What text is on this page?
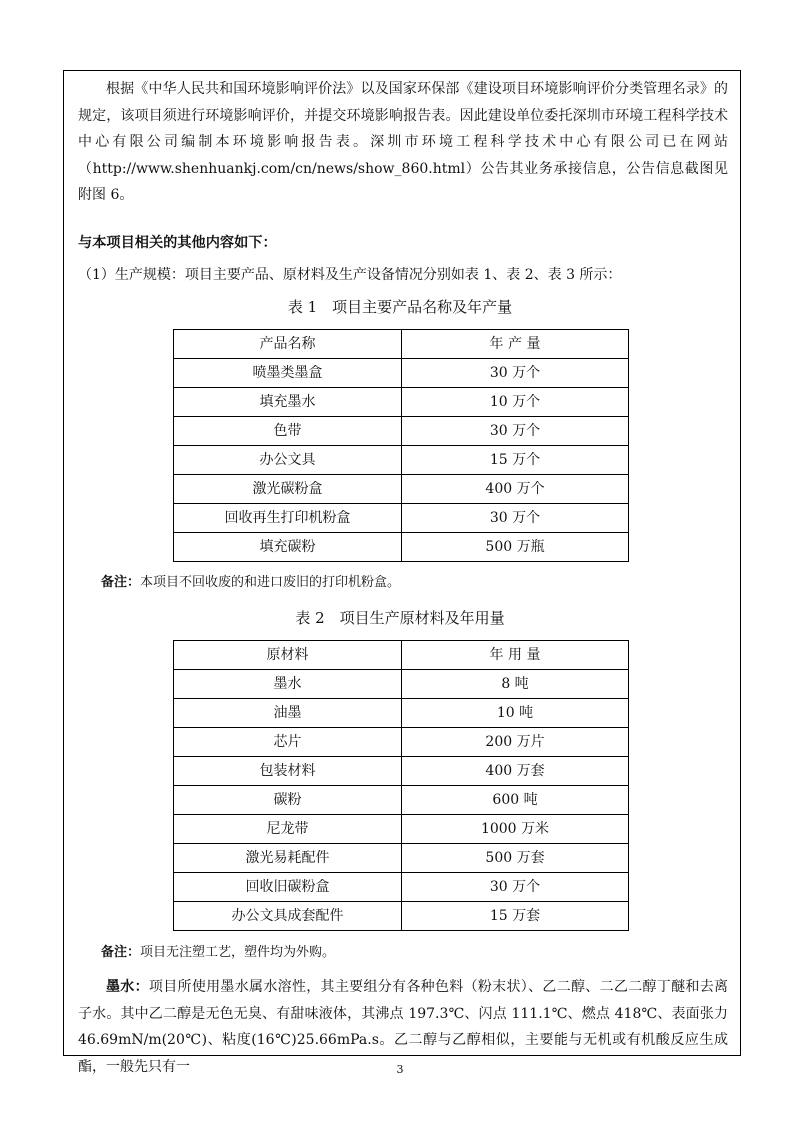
根据《中华人民共和国环境影响评价法》以及国家环保部《建设项目环境影响评价分类管理名录》的规定，该项目须进行环境影响评价，并提交环境影响报告表。因此建设单位委托深圳市环境工程科学技术中心有限公司编制本环境影响报告表。深圳市环境工程科学技术中心有限公司已在网站（http://www.shenhuankj.com/cn/news/show_860.html）公告其业务承接信息，公告信息截图见附图 6。

与本项目相关的其他内容如下：

（1）生产规模：项目主要产品、原材料及生产设备情况分别如表 1、表 2、表 3 所示：

表 1　项目主要产品名称及年产量

产品名称	年 产 量
喷墨类墨盒	30 万个
填充墨水	10 万个
色带	30 万个
办公文具	15 万个
激光碳粉盒	400 万个
回收再生打印机粉盒	30 万个
填充碳粉	500 万瓶

备注：本项目不回收废的和进口废旧的打印机粉盒。

表 2　项目生产原材料及年用量

原材料	年 用 量
墨水	8 吨
油墨	10 吨
芯片	200 万片
包装材料	400 万套
碳粉	600 吨
尼龙带	1000 万米
激光易耗配件	500 万套
回收旧碳粉盒	30 万个
办公文具成套配件	15 万套

备注：项目无注塑工艺，塑件均为外购。

墨水：项目所使用墨水属水溶性，其主要组分有各种色料（粉末状）、乙二醇、二乙二醇丁醚和去离子水。其中乙二醇是无色无臭、有甜味液体，其沸点 197.3℃、闪点 111.1℃、燃点 418℃、表面张力 46.69mN/m(20℃)、粘度(16℃)25.66mPa.s。乙二醇与乙醇相似，主要能与无机或有机酸反应生成酯，一般先只有一	3
